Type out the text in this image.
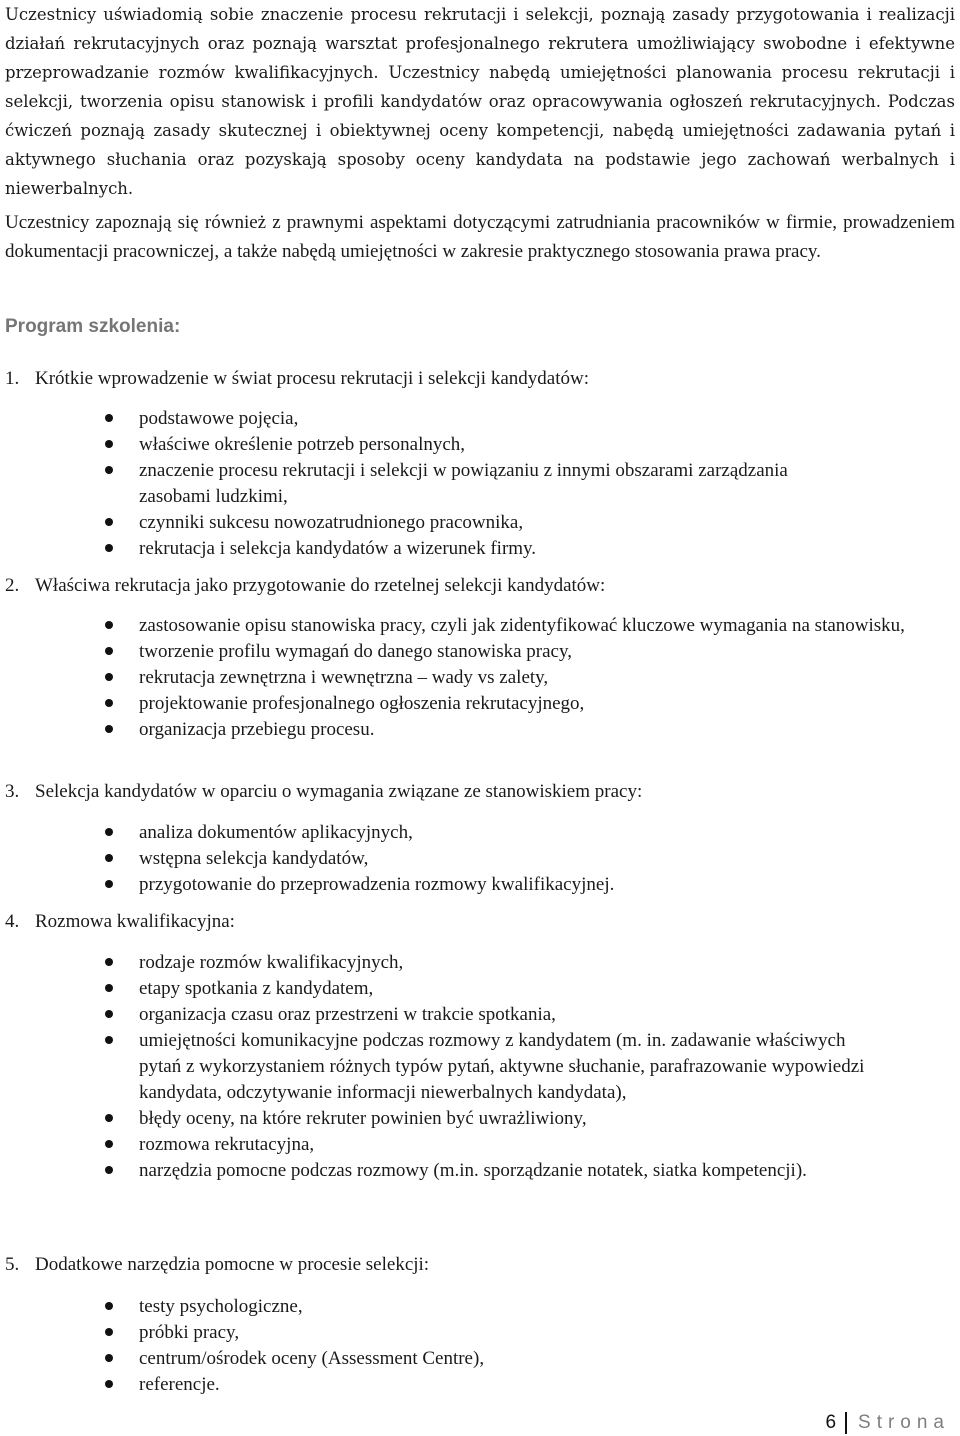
Uczestnicy uświadomią sobie znaczenie procesu rekrutacji i selekcji, poznają zasady przygotowania i realizacji działań rekrutacyjnych oraz poznają warsztat profesjonalnego rekrutera umożliwiający swobodne i efektywne przeprowadzanie rozmów kwalifikacyjnych. Uczestnicy nabędą umiejętności planowania procesu rekrutacji i selekcji, tworzenia opisu stanowisk i profili kandydatów oraz opracowywania ogłoszeń rekrutacyjnych. Podczas ćwiczeń poznają zasady skutecznej i obiektywnej oceny kompetencji, nabędą umiejętności zadawania pytań i aktywnego słuchania oraz pozyskają sposoby oceny kandydata na podstawie jego zachowań werbalnych i niewerbalnych.

Uczestnicy zapoznają się również z prawnymi aspektami dotyczącymi zatrudniania pracowników w firmie, prowadzeniem dokumentacji pracowniczej, a także nabędą umiejętności w zakresie praktycznego stosowania prawa pracy.

Program szkolenia:
1. Krótkie wprowadzenie w świat procesu rekrutacji i selekcji kandydatów:
podstawowe pojęcia,
właściwe określenie potrzeb personalnych,
znaczenie procesu rekrutacji i selekcji w powiązaniu z innymi obszarami zarządzania zasobami ludzkimi,
czynniki sukcesu nowozatrudnionego pracownika,
rekrutacja i selekcja kandydatów a wizerunek firmy.
2. Właściwa rekrutacja jako przygotowanie do rzetelnej selekcji kandydatów:
zastosowanie opisu stanowiska pracy, czyli jak zidentyfikować kluczowe wymagania na stanowisku,
tworzenie profilu wymagań do danego stanowiska pracy,
rekrutacja zewnętrzna i wewnętrzna – wady vs zalety,
projektowanie profesjonalnego ogłoszenia rekrutacyjnego,
organizacja przebiegu procesu.
3. Selekcja kandydatów w oparciu o wymagania związane ze stanowiskiem pracy:
analiza dokumentów aplikacyjnych,
wstępna selekcja kandydatów,
przygotowanie do przeprowadzenia rozmowy kwalifikacyjnej.
4. Rozmowa kwalifikacyjna:
rodzaje rozmów kwalifikacyjnych,
etapy spotkania z kandydatem,
organizacja czasu oraz przestrzeni w trakcie spotkania,
umiejętności komunikacyjne podczas rozmowy z kandydatem (m. in. zadawanie właściwych pytań z wykorzystaniem różnych typów pytań, aktywne słuchanie, parafrazowanie wypowiedzi kandydata, odczytywanie informacji niewerbalnych kandydata),
błędy oceny, na które rekruter powinien być uwrażliwiony,
rozmowa rekrutacyjna,
narzędzia pomocne podczas rozmowy (m.in. sporządzanie notatek, siatka kompetencji).
5. Dodatkowe narzędzia pomocne w procesie selekcji:
testy psychologiczne,
próbki pracy,
centrum/ośrodek oceny (Assessment Centre),
referencje.
6 Strona
